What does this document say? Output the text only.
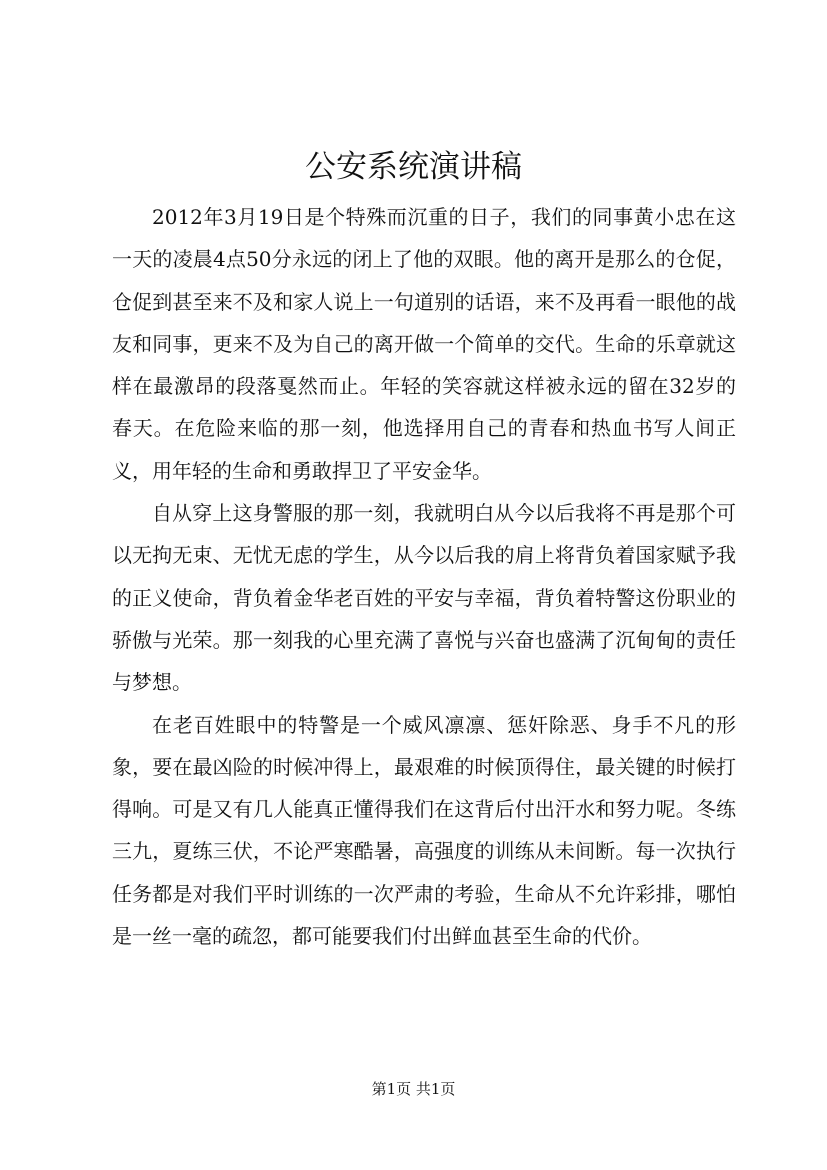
公安系统演讲稿

2012年3月19日是个特殊而沉重的日子，我们的同事黄小忠在这一天的凌晨4点50分永远的闭上了他的双眼。他的离开是那么的仓促，仓促到甚至来不及和家人说上一句道别的话语，来不及再看一眼他的战友和同事，更来不及为自己的离开做一个简单的交代。生命的乐章就这样在最激昂的段落戛然而止。年轻的笑容就这样被永远的留在32岁的春天。在危险来临的那一刻，他选择用自己的青春和热血书写人间正义，用年轻的生命和勇敢捍卫了平安金华。

自从穿上这身警服的那一刻，我就明白从今以后我将不再是那个可以无拘无束、无忧无虑的学生，从今以后我的肩上将背负着国家赋予我的正义使命，背负着金华老百姓的平安与幸福，背负着特警这份职业的骄傲与光荣。那一刻我的心里充满了喜悦与兴奋也盛满了沉甸甸的责任与梦想。

在老百姓眼中的特警是一个威风凛凛、惩奸除恶、身手不凡的形象，要在最凶险的时候冲得上，最艰难的时候顶得住，最关键的时候打得响。可是又有几人能真正懂得我们在这背后付出汗水和努力呢。冬练三九，夏练三伏，不论严寒酷暑，高强度的训练从未间断。每一次执行任务都是对我们平时训练的一次严肃的考验，生命从不允许彩排，哪怕是一丝一毫的疏忽，都可能要我们付出鲜血甚至生命的代价。

第1页 共1页
